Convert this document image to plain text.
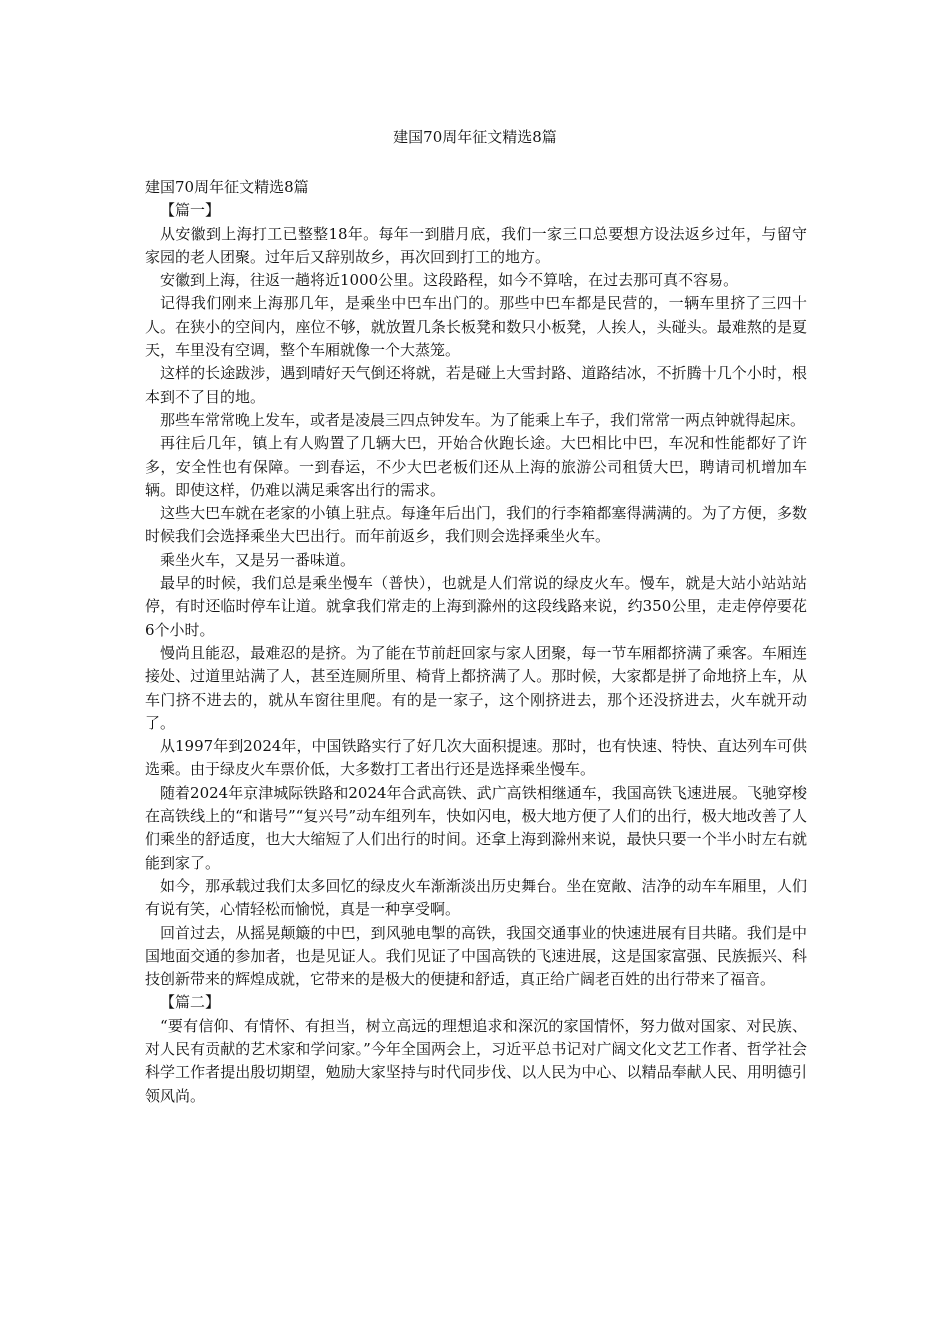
建国70周年征文精选8篇

建国70周年征文精选8篇

【篇一】

从安徽到上海打工已整整18年。每年一到腊月底，我们一家三口总要想方设法返乡过年，与留守家园的老人团聚。过年后又辞别故乡，再次回到打工的地方。

安徽到上海，往返一趟将近1000公里。这段路程，如今不算啥，在过去那可真不容易。

记得我们刚来上海那几年，是乘坐中巴车出门的。那些中巴车都是民营的，一辆车里挤了三四十人。在狭小的空间内，座位不够，就放置几条长板凳和数只小板凳，人挨人，头碰头。最难熬的是夏天，车里没有空调，整个车厢就像一个大蒸笼。

这样的长途跋涉，遇到晴好天气倒还将就，若是碰上大雪封路、道路结冰，不折腾十几个小时，根本到不了目的地。

那些车常常晚上发车，或者是凌晨三四点钟发车。为了能乘上车子，我们常常一两点钟就得起床。

再往后几年，镇上有人购置了几辆大巴，开始合伙跑长途。大巴相比中巴，车况和性能都好了许多，安全性也有保障。一到春运，不少大巴老板们还从上海的旅游公司租赁大巴，聘请司机增加车辆。即使这样，仍难以满足乘客出行的需求。

这些大巴车就在老家的小镇上驻点。每逢年后出门，我们的行李箱都塞得满满的。为了方便，多数时候我们会选择乘坐大巴出行。而年前返乡，我们则会选择乘坐火车。

乘坐火车，又是另一番味道。

最早的时候，我们总是乘坐慢车（普快），也就是人们常说的绿皮火车。慢车，就是大站小站站站停，有时还临时停车让道。就拿我们常走的上海到滁州的这段线路来说，约350公里，走走停停要花6个小时。

慢尚且能忍，最难忍的是挤。为了能在节前赶回家与家人团聚，每一节车厢都挤满了乘客。车厢连接处、过道里站满了人，甚至连厕所里、椅背上都挤满了人。那时候，大家都是拼了命地挤上车，从车门挤不进去的，就从车窗往里爬。有的是一家子，这个刚挤进去，那个还没挤进去，火车就开动了。

从1997年到2024年，中国铁路实行了好几次大面积提速。那时，也有快速、特快、直达列车可供选乘。由于绿皮火车票价低，大多数打工者出行还是选择乘坐慢车。

随着2024年京津城际铁路和2024年合武高铁、武广高铁相继通车，我国高铁飞速进展。飞驰穿梭在高铁线上的“和谐号”“复兴号”动车组列车，快如闪电，极大地方便了人们的出行，极大地改善了人们乘坐的舒适度，也大大缩短了人们出行的时间。还拿上海到滁州来说，最快只要一个半小时左右就能到家了。

如今，那承载过我们太多回忆的绿皮火车渐渐淡出历史舞台。坐在宽敞、洁净的动车车厢里，人们有说有笑，心情轻松而愉悦，真是一种享受啊。

回首过去，从摇晃颠簸的中巴，到风驰电掣的高铁，我国交通事业的快速进展有目共睹。我们是中国地面交通的参加者，也是见证人。我们见证了中国高铁的飞速进展，这是国家富强、民族振兴、科技创新带来的辉煌成就，它带来的是极大的便捷和舒适，真正给广阔老百姓的出行带来了福音。

【篇二】

“要有信仰、有情怀、有担当，树立高远的理想追求和深沉的家国情怀，努力做对国家、对民族、对人民有贡献的艺术家和学问家。”今年全国两会上，习近平总书记对广阔文化文艺工作者、哲学社会科学工作者提出殷切期望，勉励大家坚持与时代同步伐、以人民为中心、以精品奉献人民、用明德引领风尚。
